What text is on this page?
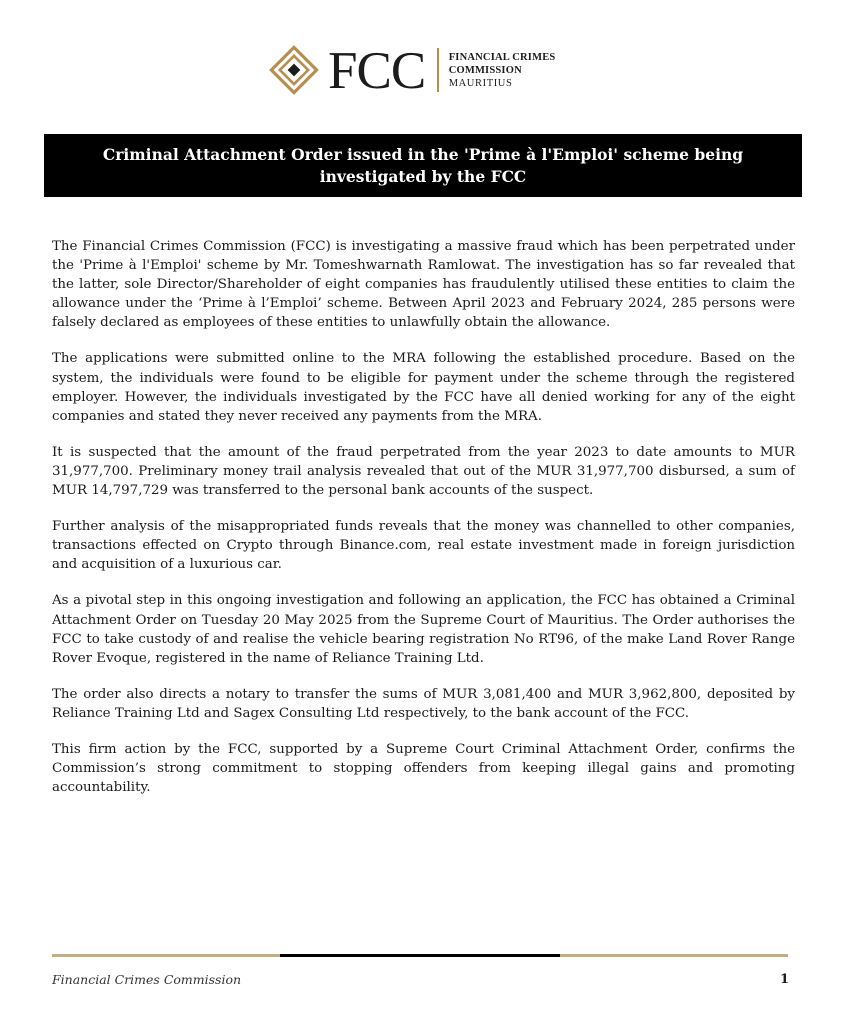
FCC FINANCIAL CRIMES
COMMISSION
MAURITIUS
Criminal Attachment Order issued in the 'Prime à l'Emploi' scheme being
investigated by the FCC

The Financial Crimes Commission (FCC) is investigating a massive fraud which has been perpetrated under the 'Prime à l'Emploi' scheme by Mr. Tomeshwarnath Ramlowat. The investigation has so far revealed that the latter, sole Director/Shareholder of eight companies has fraudulently utilised these entities to claim the allowance under the ‘Prime à l’Emploi’ scheme. Between April 2023 and February 2024, 285 persons were falsely declared as employees of these entities to unlawfully obtain the allowance.

The applications were submitted online to the MRA following the established procedure. Based on the system, the individuals were found to be eligible for payment under the scheme through the registered employer. However, the individuals investigated by the FCC have all denied working for any of the eight companies and stated they never received any payments from the MRA.

It is suspected that the amount of the fraud perpetrated from the year 2023 to date amounts to MUR 31,977,700. Preliminary money trail analysis revealed that out of the MUR 31,977,700 disbursed, a sum of MUR 14,797,729 was transferred to the personal bank accounts of the suspect.

Further analysis of the misappropriated funds reveals that the money was channelled to other companies, transactions effected on Crypto through Binance.com, real estate investment made in foreign jurisdiction and acquisition of a luxurious car.

As a pivotal step in this ongoing investigation and following an application, the FCC has obtained a Criminal Attachment Order on Tuesday 20 May 2025 from the Supreme Court of Mauritius. The Order authorises the FCC to take custody of and realise the vehicle bearing registration No RT96, of the make Land Rover Range Rover Evoque, registered in the name of Reliance Training Ltd.

The order also directs a notary to transfer the sums of MUR 3,081,400 and MUR 3,962,800, deposited by Reliance Training Ltd and Sagex Consulting Ltd respectively, to the bank account of the FCC.

This firm action by the FCC, supported by a Supreme Court Criminal Attachment Order, confirms the Commission’s strong commitment to stopping offenders from keeping illegal gains and promoting accountability.

Financial Crimes Commission	1
